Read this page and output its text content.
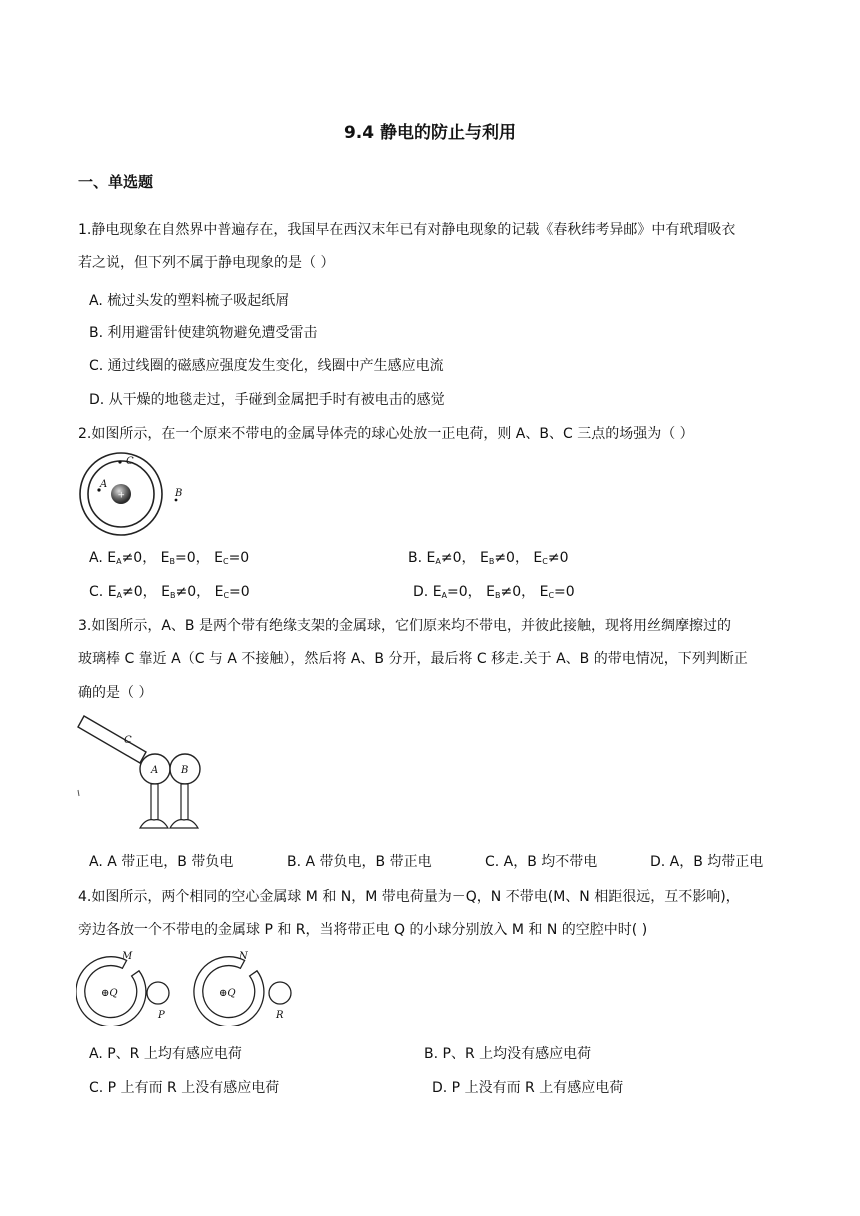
9.4 静电的防止与利用
一、单选题
1.静电现象在自然界中普遍存在，我国早在西汉末年已有对静电现象的记载《春秋纬考异邮》中有玳瑁吸衣
若之说，但下列不属于静电现象的是（ ）
A. 梳过头发的塑料梳子吸起纸屑
B. 利用避雷针使建筑物避免遭受雷击
C. 通过线圈的磁感应强度发生变化，线圈中产生感应电流
D. 从干燥的地毯走过，手碰到金属把手时有被电击的感觉
2.如图所示，在一个原来不带电的金属导体壳的球心处放一正电荷，则 A、B、C 三点的场强为（ ）
+
C
A
B
A. $E_A\ne 0$， $E_B=0$， $E_C=0$	B. $E_A\ne 0$， $E_B\ne 0$， $E_C\ne 0$
C. $E_A\ne 0$， $E_B\ne 0$， $E_C=0$	D. $E_A=0$， $E_B\ne 0$， $E_C=0$
3.如图所示，A、B 是两个带有绝缘支架的金属球，它们原来均不带电，并彼此接触，现将用丝绸摩擦过的
玻璃棒 C 靠近 A（C 与 A 不接触），然后将 A、B 分开，最后将 C 移走.关于 A、B 的带电情况，下列判断正
确的是（ ）
C
A B
A. A 带正电，B 带负电	B. A 带负电，B 带正电	C. A，B 均不带电	D. A，B 均带正电
4.如图所示，两个相同的空心金属球 M 和 N，M 带电荷量为－Q，N 不带电(M、N 相距很远，互不影响)，
旁边各放一个不带电的金属球 P 和 R，当将带正电 Q 的小球分别放入 M 和 N 的空腔中时( )
M
⊕Q
P
N
⊕Q
R
A. P、R 上均有感应电荷	B. P、R 上均没有感应电荷
C. P 上有而 R 上没有感应电荷	D. P 上没有而 R 上有感应电荷
